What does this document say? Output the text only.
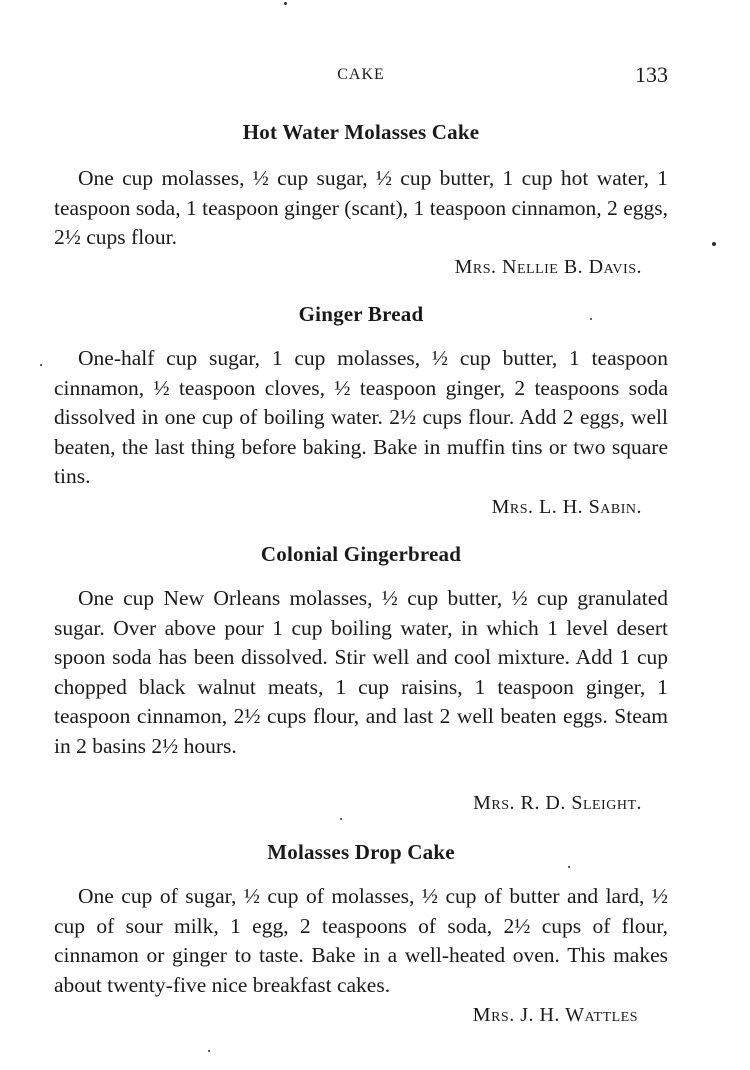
CAKE	133
Hot Water Molasses Cake

One cup molasses, ½ cup sugar, ½ cup butter, 1 cup hot water, 1 teaspoon soda, 1 teaspoon ginger (scant), 1 teaspoon cinnamon, 2 eggs, 2½ cups flour.

Mrs. Nellie B. Davis.
Ginger Bread

One-half cup sugar, 1 cup molasses, ½ cup butter, 1 teaspoon cinnamon, ½ teaspoon cloves, ½ teaspoon ginger, 2 teaspoons soda dissolved in one cup of boiling water. 2½ cups flour. Add 2 eggs, well beaten, the last thing before baking. Bake in muffin tins or two square tins.

Mrs. L. H. Sabin.
Colonial Gingerbread

One cup New Orleans molasses, ½ cup butter, ½ cup granulated sugar. Over above pour 1 cup boiling water, in which 1 level desert spoon soda has been dissolved. Stir well and cool mixture. Add 1 cup chopped black walnut meats, 1 cup raisins, 1 teaspoon ginger, 1 teaspoon cinnamon, 2½ cups flour, and last 2 well beaten eggs. Steam in 2 basins 2½ hours.

Mrs. R. D. Sleight.
Molasses Drop Cake

One cup of sugar, ½ cup of molasses, ½ cup of butter and lard, ½ cup of sour milk, 1 egg, 2 teaspoons of soda, 2½ cups of flour, cinnamon or ginger to taste. Bake in a well-heated oven. This makes about twenty-five nice breakfast cakes.

Mrs. J. H. Wattles
